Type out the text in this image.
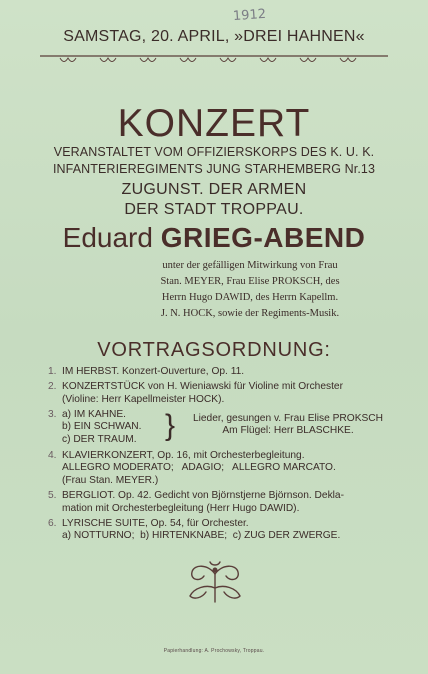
1912
SAMSTAG, 20. APRIL, »DREI HAHNEN«
KONZERT
VERANSTALTET VOM OFFIZIERSKORPS DES K. U. K.
INFANTERIEREGIMENTS JUNG STARHEMBERG Nr.13
ZUGUNST. DER ARMEN
DER STADT TROPPAU.
Eduard GRIEG-ABEND
unter der gefälligen Mitwirkung von Frau
Stan. MEYER, Frau Elise PROKSCH, des
Herrn Hugo DAWID, des Herrn Kapellm.
J. N. HOCK, sowie der Regiments-Musik.
VORTRAGSORDNUNG:
1. IM HERBST. Konzert-Ouverture, Op. 11.
2. KONZERTSTÜCK von H. Wieniawski für Violine mit Orchester
(Violine: Herr Kapellmeister HOCK).
3. a) IM KAHNE.
b) EIN SCHWAN.
c) DER TRAUM. }	Lieder, gesungen v. Frau Elise PROKSCH
Am Flügel: Herr BLASCHKE.
4. KLAVIERKONZERT, Op. 16, mit Orchesterbegleitung.
ALLEGRO MODERATO;   ADAGIO;   ALLEGRO MARCATO.
(Frau Stan. MEYER.)
5. BERGLIOT. Op. 42. Gedicht von Björnstjerne Björnson. Dekla-
mation mit Orchesterbegleitung (Herr Hugo DAWID).
6. LYRISCHE SUITE, Op. 54, für Orchester.
a) NOTTURNO;  b) HIRTENKNABE;  c) ZUG DER ZWERGE.
Papierhandlung: A. Prochowsky, Troppau.
